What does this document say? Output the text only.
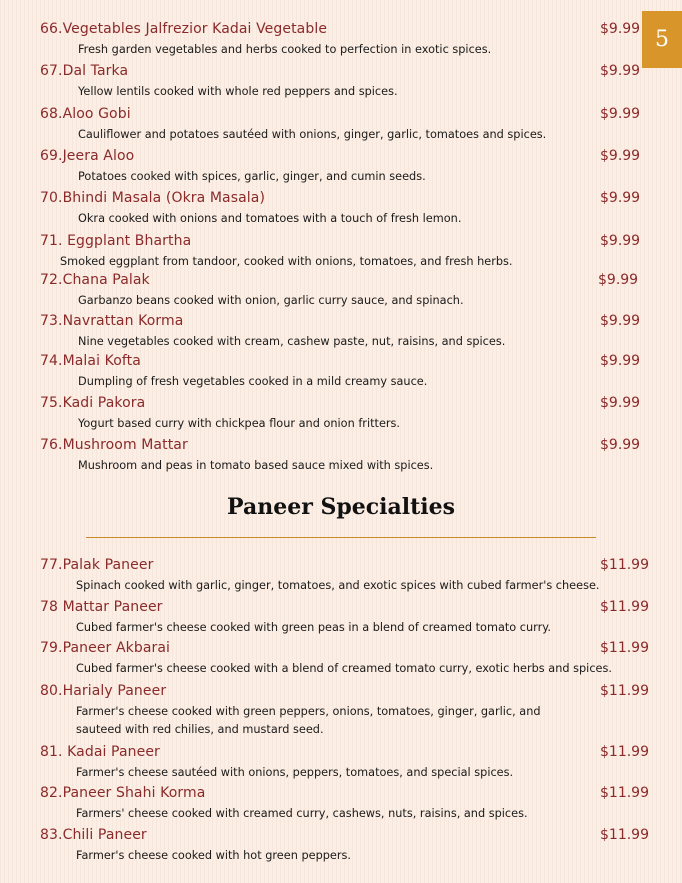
5
66.Vegetables Jalfrezior Kadai Vegetable	$9.99
Fresh garden vegetables and herbs cooked to perfection in exotic spices.
67.Dal Tarka	$9.99
Yellow lentils cooked with whole red peppers and spices.
68.Aloo Gobi	$9.99
Cauliflower and potatoes sautéed with onions, ginger, garlic, tomatoes and spices.
69.Jeera Aloo	$9.99
Potatoes cooked with spices, garlic, ginger, and cumin seeds.
70.Bhindi Masala (Okra Masala)	$9.99
Okra cooked with onions and tomatoes with a touch of fresh lemon.
71. Eggplant Bhartha	$9.99
Smoked eggplant from tandoor, cooked with onions, tomatoes, and fresh herbs.
72.Chana Palak	$9.99
Garbanzo beans cooked with onion, garlic curry sauce, and spinach.
73.Navrattan Korma	$9.99
Nine vegetables cooked with cream, cashew paste, nut, raisins, and spices.
74.Malai Kofta	$9.99
Dumpling of fresh vegetables cooked in a mild creamy sauce.
75.Kadi Pakora	$9.99
Yogurt based curry with chickpea flour and onion fritters.
76.Mushroom Mattar	$9.99
Mushroom and peas in tomato based sauce mixed with spices.
Paneer Specialties
77.Palak Paneer	$11.99
Spinach cooked with garlic, ginger, tomatoes, and exotic spices with cubed farmer's cheese.
78 Mattar Paneer	$11.99
Cubed farmer's cheese cooked with green peas in a blend of creamed tomato curry.
79.Paneer Akbarai	$11.99
Cubed farmer's cheese cooked with a blend of creamed tomato curry, exotic herbs and spices.
80.Harialy Paneer	$11.99
Farmer's cheese cooked with green peppers, onions, tomatoes, ginger, garlic, and sauteed with red chilies, and mustard seed.
81. Kadai Paneer	$11.99
Farmer's cheese sautéed with onions, peppers, tomatoes, and special spices.
82.Paneer Shahi Korma	$11.99
Farmers' cheese cooked with creamed curry, cashews, nuts, raisins, and spices.
83.Chili Paneer	$11.99
Farmer's cheese cooked with hot green peppers.
